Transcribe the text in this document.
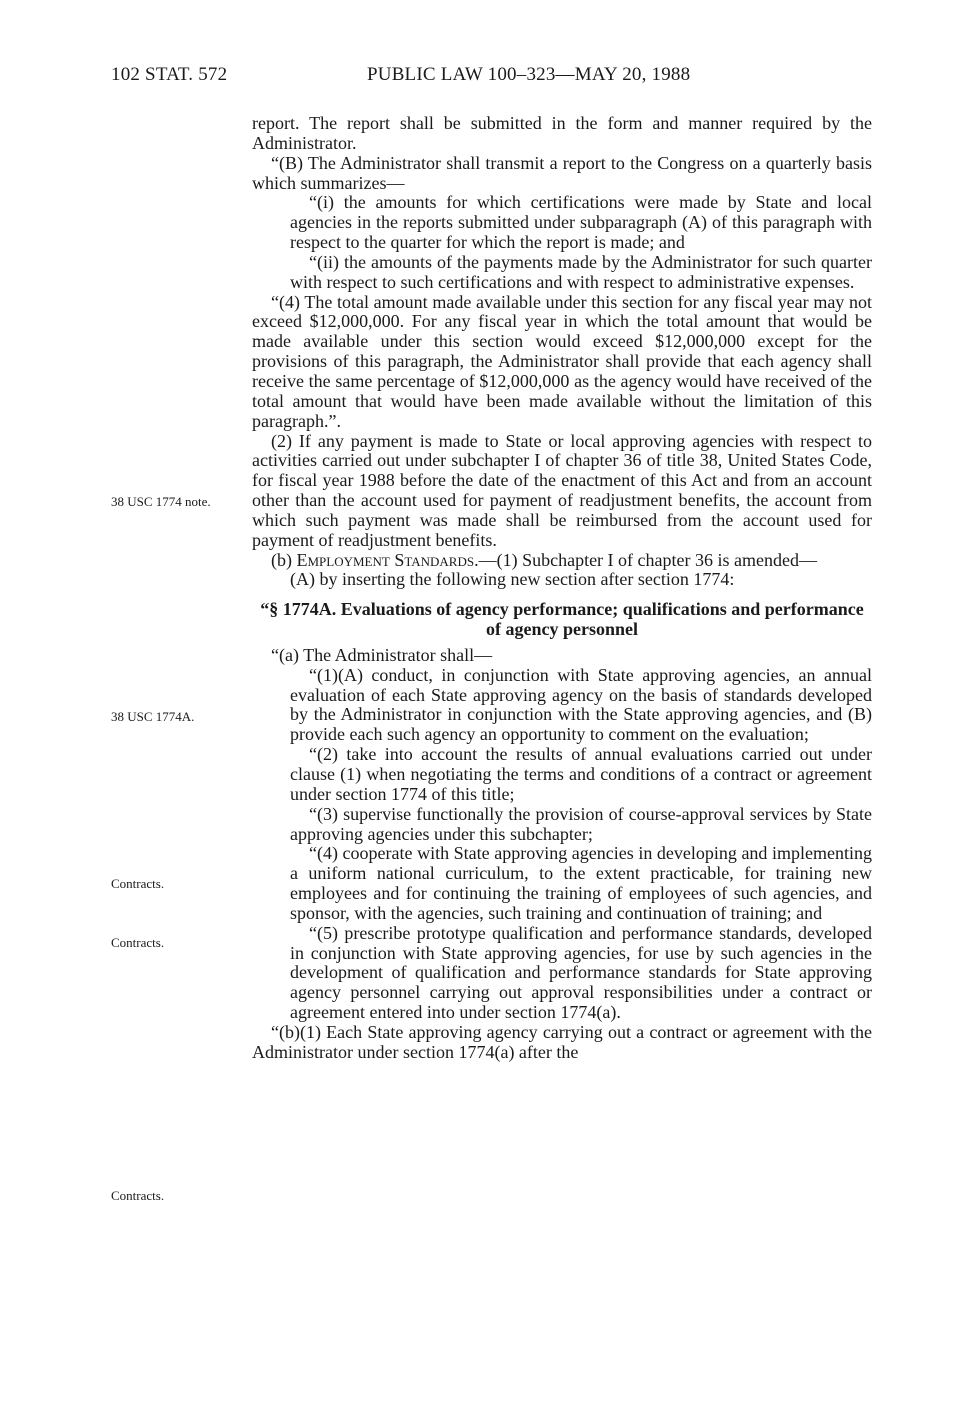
102 STAT. 572	PUBLIC LAW 100–323—MAY 20, 1988
38 USC 1774 note.
38 USC 1774A.
Contracts.
Contracts.
Contracts.

report. The report shall be submitted in the form and manner required by the Administrator.

“(B) The Administrator shall transmit a report to the Congress on a quarterly basis which summarizes—

“(i) the amounts for which certifications were made by State and local agencies in the reports submitted under subparagraph (A) of this paragraph with respect to the quarter for which the report is made; and

“(ii) the amounts of the payments made by the Administrator for such quarter with respect to such certifications and with respect to administrative expenses.

“(4) The total amount made available under this section for any fiscal year may not exceed $12,000,000. For any fiscal year in which the total amount that would be made available under this section would exceed $12,000,000 except for the provisions of this paragraph, the Administrator shall provide that each agency shall receive the same percentage of $12,000,000 as the agency would have received of the total amount that would have been made available without the limitation of this paragraph.”.

(2) If any payment is made to State or local approving agencies with respect to activities carried out under subchapter I of chapter 36 of title 38, United States Code, for fiscal year 1988 before the date of the enactment of this Act and from an account other than the account used for payment of readjustment benefits, the account from which such payment was made shall be reimbursed from the account used for payment of readjustment benefits.

(b) Employment Standards.—(1) Subchapter I of chapter 36 is amended—

(A) by inserting the following new section after section 1774:

“§ 1774A. Evaluations of agency performance; qualifications and performance of agency personnel

“(a) The Administrator shall—

“(1)(A) conduct, in conjunction with State approving agencies, an annual evaluation of each State approving agency on the basis of standards developed by the Administrator in conjunction with the State approving agencies, and (B) provide each such agency an opportunity to comment on the evaluation;

“(2) take into account the results of annual evaluations carried out under clause (1) when negotiating the terms and conditions of a contract or agreement under section 1774 of this title;

“(3) supervise functionally the provision of course-approval services by State approving agencies under this subchapter;

“(4) cooperate with State approving agencies in developing and implementing a uniform national curriculum, to the extent practicable, for training new employees and for continuing the training of employees of such agencies, and sponsor, with the agencies, such training and continuation of training; and

“(5) prescribe prototype qualification and performance standards, developed in conjunction with State approving agencies, for use by such agencies in the development of qualification and performance standards for State approving agency personnel carrying out approval responsibilities under a contract or agreement entered into under section 1774(a).

“(b)(1) Each State approving agency carrying out a contract or agreement with the Administrator under section 1774(a) after the
